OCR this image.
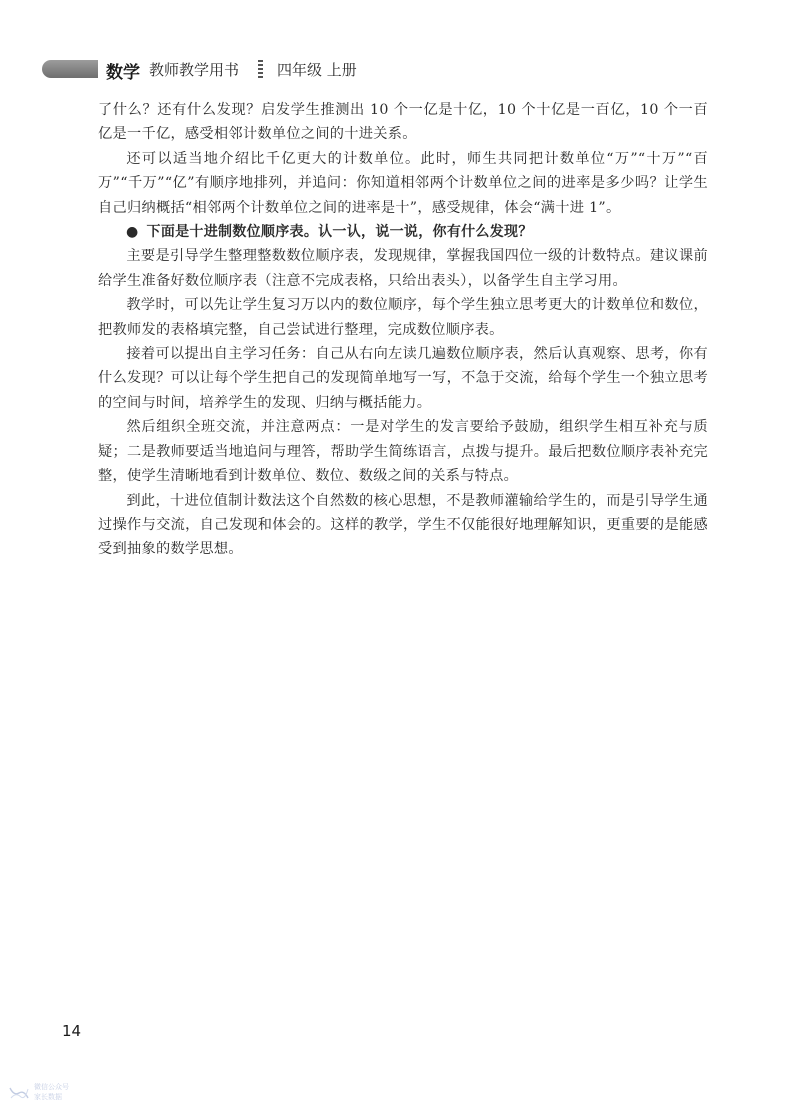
数学 教师教学用书	四年级 上册

了什么？还有什么发现？启发学生推测出 10 个一亿是十亿，10 个十亿是一百亿，10 个一百亿是一千亿，感受相邻计数单位之间的十进关系。

还可以适当地介绍比千亿更大的计数单位。此时，师生共同把计数单位“万”“十万”“百万”“千万”“亿”有顺序地排列，并追问：你知道相邻两个计数单位之间的进率是多少吗？让学生自己归纳概括“相邻两个计数单位之间的进率是十”，感受规律，体会“满十进 1”。

● 下面是十进制数位顺序表。认一认，说一说，你有什么发现？

主要是引导学生整理整数数位顺序表，发现规律，掌握我国四位一级的计数特点。建议课前给学生准备好数位顺序表（注意不完成表格，只给出表头），以备学生自主学习用。

教学时，可以先让学生复习万以内的数位顺序，每个学生独立思考更大的计数单位和数位，把教师发的表格填完整，自己尝试进行整理，完成数位顺序表。

接着可以提出自主学习任务：自己从右向左读几遍数位顺序表，然后认真观察、思考，你有什么发现？可以让每个学生把自己的发现简单地写一写，不急于交流，给每个学生一个独立思考的空间与时间，培养学生的发现、归纳与概括能力。

然后组织全班交流，并注意两点：一是对学生的发言要给予鼓励，组织学生相互补充与质疑；二是教师要适当地追问与理答，帮助学生简练语言，点拨与提升。最后把数位顺序表补充完整，使学生清晰地看到计数单位、数位、数级之间的关系与特点。

到此，十进位值制计数法这个自然数的核心思想，不是教师灌输给学生的，而是引导学生通过操作与交流，自己发现和体会的。这样的教学，学生不仅能很好地理解知识，更重要的是能感受到抽象的数学思想。

14
微信公众号
家长数据
